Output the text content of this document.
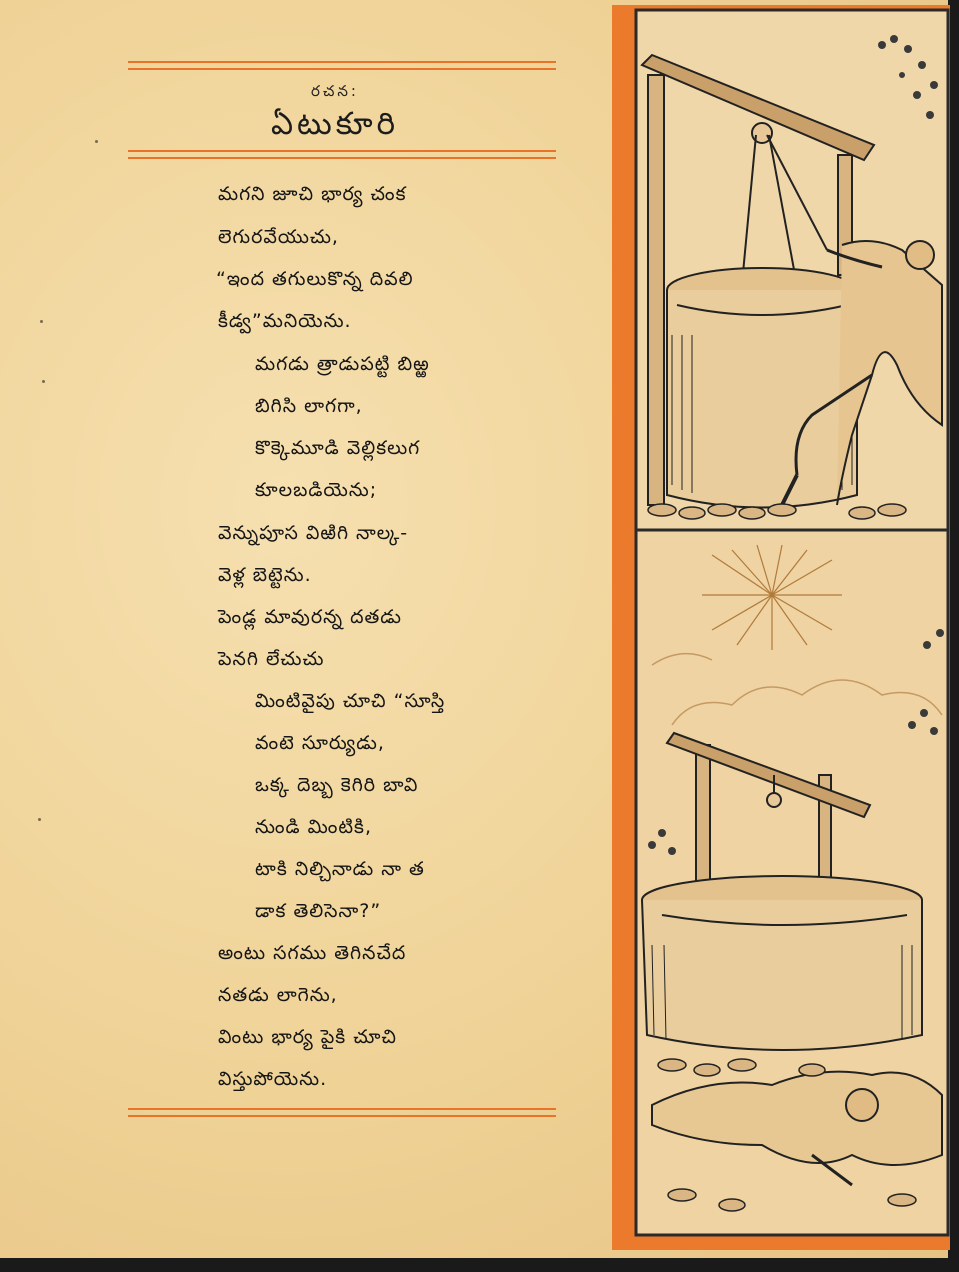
రచన:
ఏటుకూరి
మగని జూచి భార్య చంక
లెగురవేయుచు,
“ఇంద తగులుకొన్న దివలి
కీడ్వ”మనియెను.
మగడు త్రాడుపట్టి బిఱ్ఱ
బిగిసి లాగగా,
కొక్కెమూడి వెల్లికలుగ
కూలబడియెను;
వెన్నుపూస విఱిగి నాల్క-
వెళ్ల బెట్టెను.
పెండ్ల మావురన్న దతడు
పెనగి లేచుచు
మింటివైపు చూచి “సూస్తి
వంటె సూర్యుడు,
ఒక్క దెబ్బ కెగిరి బావి
నుండి మింటికి,
టాకి నిల్చినాడు నా త
డాక తెలిసెనా?”
అంటు సగము తెగినచేద
నతడు లాగెను,
వింటు భార్య పైకి చూచి
విస్తుపోయెను.
